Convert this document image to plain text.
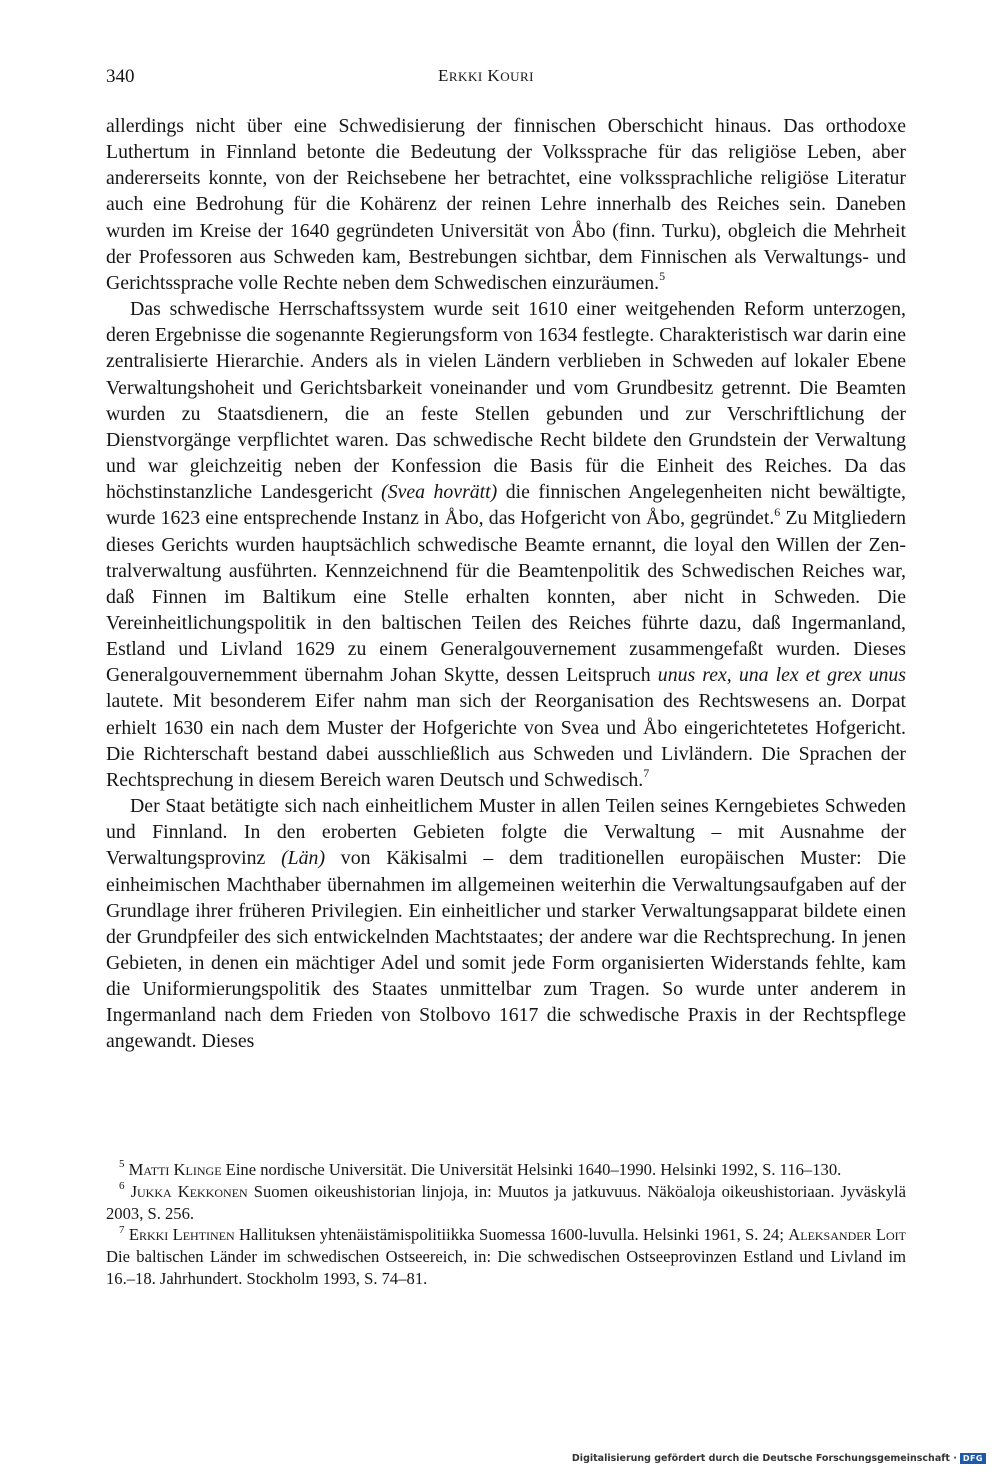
340	ERKKI KOURI

allerdings nicht über eine Schwedisierung der finnischen Oberschicht hinaus. Das orthodoxe Luthertum in Finnland betonte die Bedeutung der Volkssprache für das religiöse Leben, aber andererseits konnte, von der Reichsebene her betrachtet, eine volkssprachliche religiöse Literatur auch eine Bedrohung für die Kohärenz der reinen Lehre innerhalb des Reiches sein. Daneben wurden im Kreise der 1640 gegründeten Universität von Åbo (finn. Turku), obgleich die Mehrheit der Professoren aus Schweden kam, Bestrebungen sichtbar, dem Finnischen als Verwaltungs- und Gerichtssprache volle Rechte neben dem Schwedischen einzuräumen.$^5$

Das schwedische Herrschaftssystem wurde seit 1610 einer weitgehenden Reform unterzogen, deren Ergebnisse die sogenannte Regierungsform von 1634 festlegte. Charakteristisch war darin eine zentralisierte Hierarchie. Anders als in vielen Ländern verblieben in Schweden auf lokaler Ebene Verwaltungshoheit und Gerichtsbarkeit voneinander und vom Grundbesitz getrennt. Die Beamten wurden zu Staatsdienern, die an feste Stellen gebunden und zur Verschriftlichung der Dienstvorgänge verpflichtet waren. Das schwedische Recht bildete den Grundstein der Verwaltung und war gleichzeitig neben der Konfession die Basis für die Einheit des Reiches. Da das höchstinstanzliche Landesgericht (Svea hovrätt) die finnischen Angelegenheiten nicht bewältigte, wurde 1623 eine entsprechende Instanz in Åbo, das Hofgericht von Åbo, gegründet.$^6$ Zu Mitgliedern dieses Gerichts wurden hauptsächlich schwedische Beamte ernannt, die loyal den Willen der Zentralverwaltung ausführten. Kennzeichnend für die Beamtenpolitik des Schwedischen Reiches war, daß Finnen im Baltikum eine Stelle erhalten konnten, aber nicht in Schweden. Die Vereinheitlichungspolitik in den baltischen Teilen des Reiches führte dazu, daß Ingermanland, Estland und Livland 1629 zu einem Generalgouvernement zusammengefaßt wurden. Dieses Generalgouvernemment übernahm Johan Skytte, dessen Leitspruch unus rex, una lex et grex unus lautete. Mit besonderem Eifer nahm man sich der Reorganisation des Rechtswesens an. Dorpat erhielt 1630 ein nach dem Muster der Hofgerichte von Svea und Åbo eingerichtetetes Hofgericht. Die Richterschaft bestand dabei ausschließlich aus Schweden und Livländern. Die Sprachen der Rechtsprechung in diesem Bereich waren Deutsch und Schwedisch.$^7$

Der Staat betätigte sich nach einheitlichem Muster in allen Teilen seines Kerngebietes Schweden und Finnland. In den eroberten Gebieten folgte die Verwaltung – mit Ausnahme der Verwaltungsprovinz (Län) von Käkisalmi – dem traditionellen europäischen Muster: Die einheimischen Machthaber übernahmen im allgemeinen weiterhin die Verwaltungsaufgaben auf der Grundlage ihrer früheren Privilegien. Ein einheitlicher und starker Verwaltungsapparat bildete einen der Grundpfeiler des sich entwickelnden Machtstaates; der andere war die Rechtsprechung. In jenen Gebieten, in denen ein mächtiger Adel und somit jede Form organisierten Widerstands fehlte, kam die Uniformierungspolitik des Staates unmittelbar zum Tragen. So wurde unter anderem in Ingermanland nach dem Frieden von Stolbovo 1617 die schwedische Praxis in der Rechtspflege angewandt. Dieses

$^5$ Matti Klinge Eine nordische Universität. Die Universität Helsinki 1640–1990. Helsinki 1992, S. 116–130.

$^6$ Jukka Kekkonen Suomen oikeushistorian linjoja, in: Muutos ja jatkuvuus. Näköaloja oikeushistoriaan. Jyväskylä 2003, S. 256.

$^7$ Erkki Lehtinen Hallituksen yhtenäistämispolitiikka Suomessa 1600-luvulla. Helsinki 1961, S. 24; Aleksander Loit Die baltischen Länder im schwedischen Ostseereich, in: Die schwedischen Ostseeprovinzen Estland und Livland im 16.–18. Jahrhundert. Stockholm 1993, S. 74–81.

Digitalisierung gefördert durch die Deutsche Forschungsgemeinschaft · DFG
